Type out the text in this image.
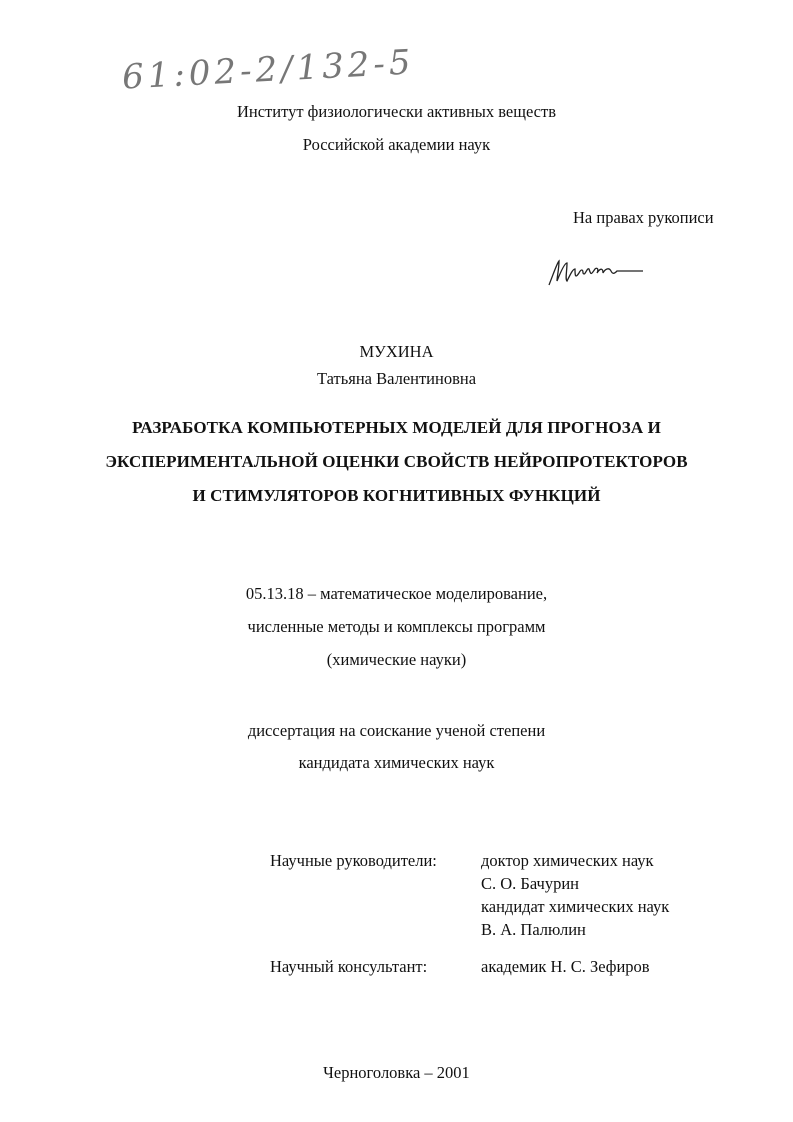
61:02-2/132-5
Институт физиологически активных веществ
Российской академии наук
На правах рукописи
МУХИНА
Татьяна Валентиновна
РАЗРАБОТКА КОМПЬЮТЕРНЫХ МОДЕЛЕЙ ДЛЯ ПРОГНОЗА И
ЭКСПЕРИМЕНТАЛЬНОЙ ОЦЕНКИ СВОЙСТВ НЕЙРОПРОТЕКТОРОВ
И СТИМУЛЯТОРОВ КОГНИТИВНЫХ ФУНКЦИЙ
05.13.18 – математическое моделирование,
численные методы и комплексы программ
(химические науки)
диссертация на соискание ученой степени
кандидата химических наук
Научные руководители:	доктор химических наук
С. О. Бачурин
кандидат химических наук
В. А. Палюлин
Научный консультант:	академик Н. С. Зефиров
Черноголовка – 2001
